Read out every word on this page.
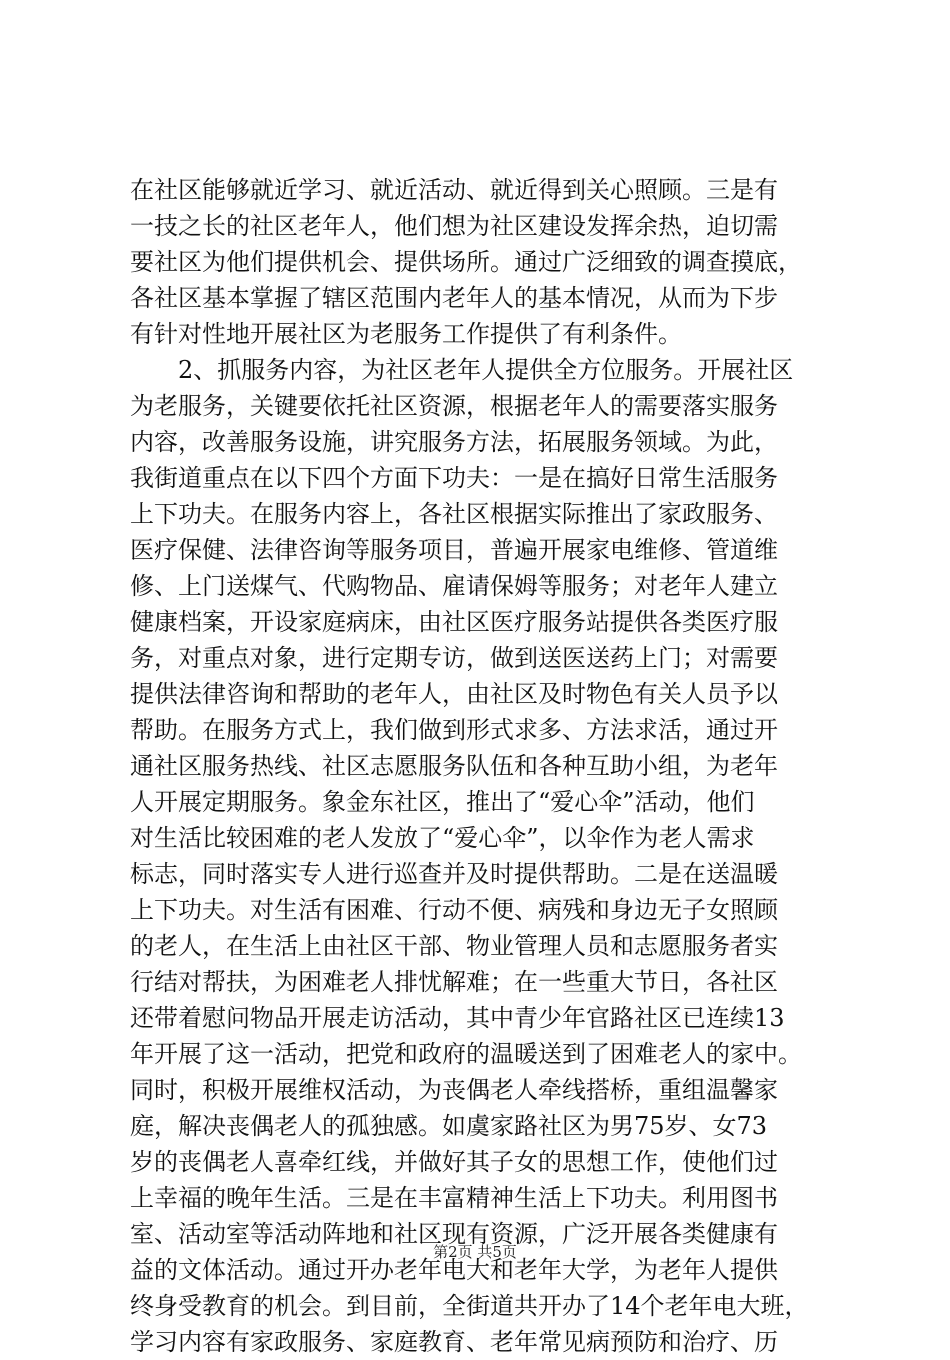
在社区能够就近学习、就近活动、就近得到关心照顾。三是有
一技之长的社区老年人，他们想为社区建设发挥余热，迫切需
要社区为他们提供机会、提供场所。通过广泛细致的调查摸底，
各社区基本掌握了辖区范围内老年人的基本情况，从而为下步
有针对性地开展社区为老服务工作提供了有利条件。
　　2、抓服务内容，为社区老年人提供全方位服务。开展社区
为老服务，关键要依托社区资源，根据老年人的需要落实服务
内容，改善服务设施，讲究服务方法，拓展服务领域。为此，
我街道重点在以下四个方面下功夫：一是在搞好日常生活服务
上下功夫。在服务内容上，各社区根据实际推出了家政服务、
医疗保健、法律咨询等服务项目，普遍开展家电维修、管道维
修、上门送煤气、代购物品、雇请保姆等服务；对老年人建立
健康档案，开设家庭病床，由社区医疗服务站提供各类医疗服
务，对重点对象，进行定期专访，做到送医送药上门；对需要
提供法律咨询和帮助的老年人，由社区及时物色有关人员予以
帮助。在服务方式上，我们做到形式求多、方法求活，通过开
通社区服务热线、社区志愿服务队伍和各种互助小组，为老年
人开展定期服务。象金东社区，推出了“爱心伞”活动，他们
对生活比较困难的老人发放了“爱心伞”，以伞作为老人需求
标志，同时落实专人进行巡查并及时提供帮助。二是在送温暖
上下功夫。对生活有困难、行动不便、病残和身边无子女照顾
的老人，在生活上由社区干部、物业管理人员和志愿服务者实
行结对帮扶，为困难老人排忧解难；在一些重大节日，各社区
还带着慰问物品开展走访活动，其中青少年官路社区已连续13
年开展了这一活动，把党和政府的温暖送到了困难老人的家中。
同时，积极开展维权活动，为丧偶老人牵线搭桥，重组温馨家
庭，解决丧偶老人的孤独感。如虞家路社区为男75岁、女73
岁的丧偶老人喜牵红线，并做好其子女的思想工作，使他们过
上幸福的晚年生活。三是在丰富精神生活上下功夫。利用图书
室、活动室等活动阵地和社区现有资源，广泛开展各类健康有
益的文体活动。通过开办老年电大和老年大学，为老年人提供
终身受教育的机会。到目前，全街道共开办了14个老年电大班，
学习内容有家政服务、家庭教育、老年常见病预防和治疗、历
第2页 共5页
